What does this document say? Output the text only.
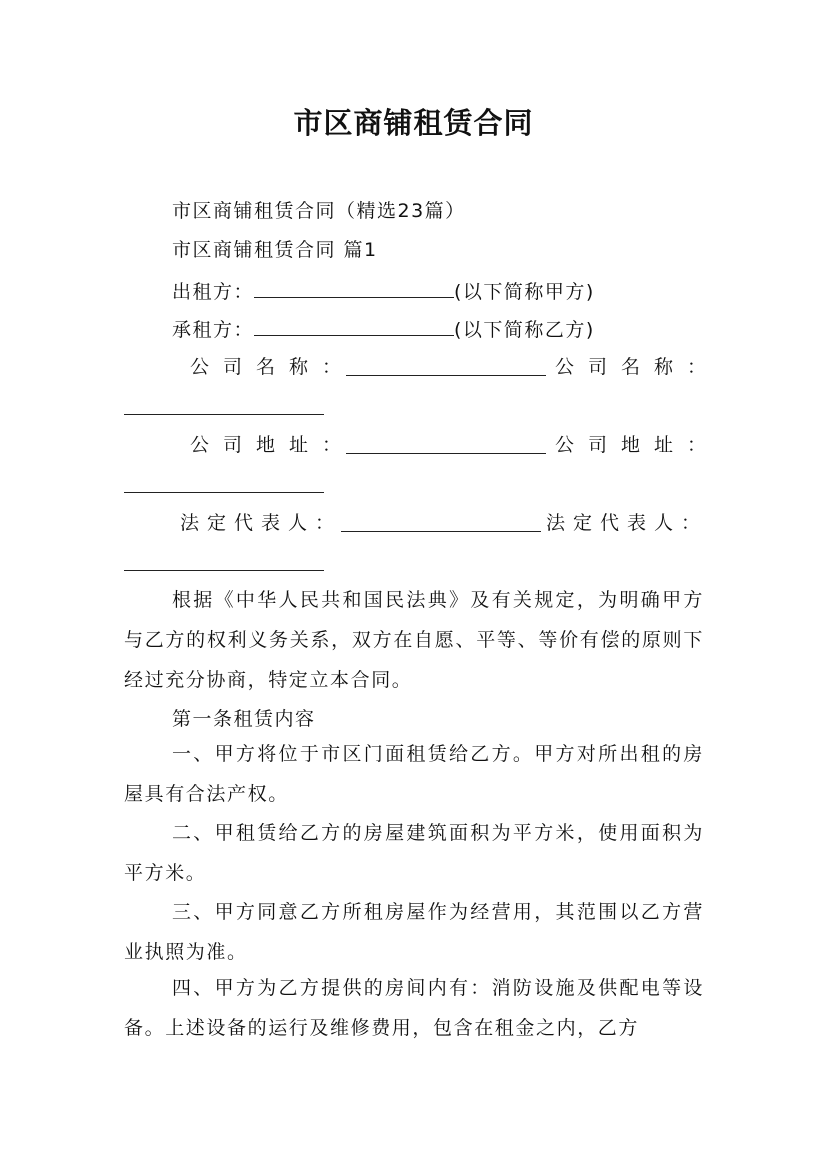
市区商铺租赁合同
市区商铺租赁合同（精选23篇）
市区商铺租赁合同 篇1
出租方：	(以下简称甲方)
承租方：	(以下简称乙方)
公司名称：	公司名称：
公司地址：	公司地址：
法定代表人：	法定代表人：
根据《中华人民共和国民法典》及有关规定，为明确甲方与乙方的权利义务关系，双方在自愿、平等、等价有偿的原则下经过充分协商，特定立本合同。
第一条租赁内容
一、甲方将位于市区门面租赁给乙方。甲方对所出租的房屋具有合法产权。
二、甲租赁给乙方的房屋建筑面积为平方米，使用面积为平方米。
三、甲方同意乙方所租房屋作为经营用，其范围以乙方营业执照为准。
四、甲方为乙方提供的房间内有：消防设施及供配电等设备。上述设备的运行及维修费用，包含在租金之内，乙方
